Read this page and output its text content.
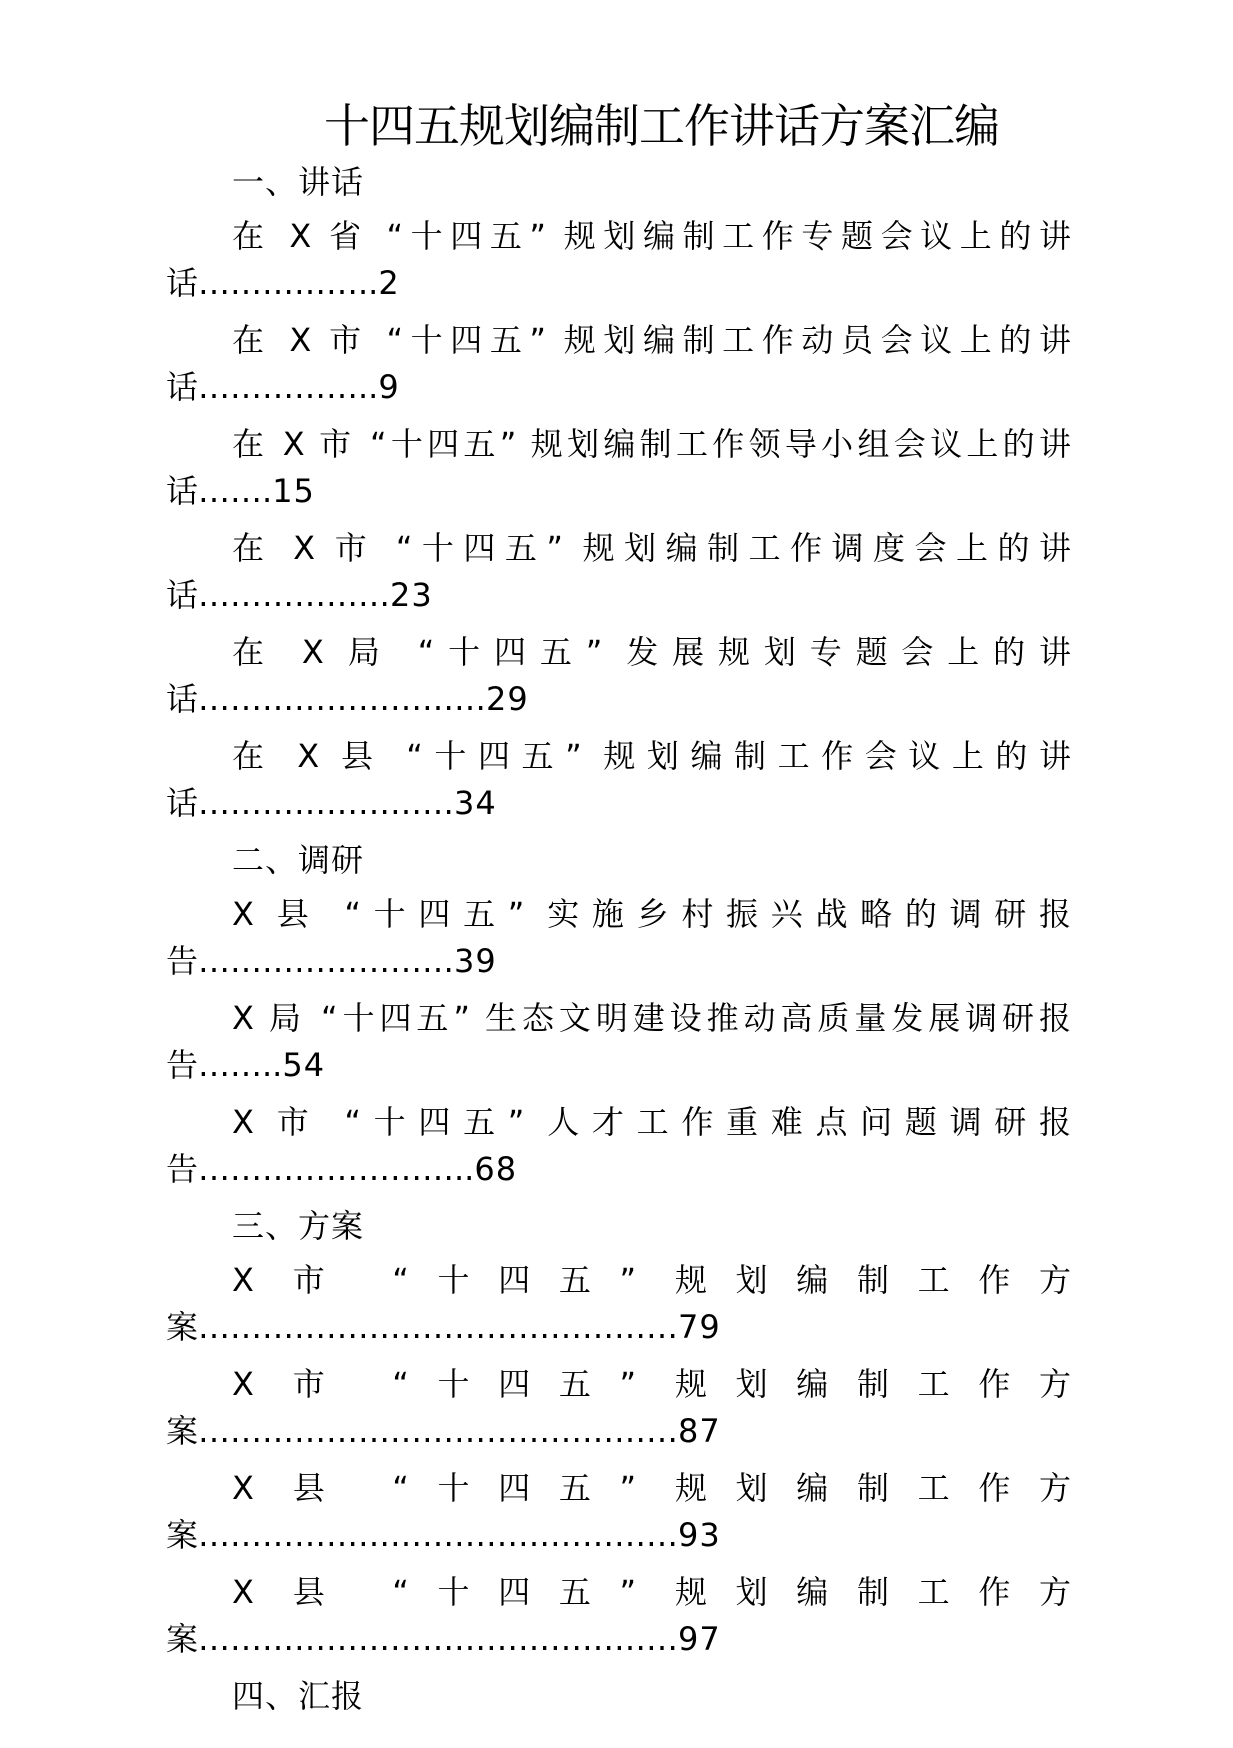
十四五规划编制工作讲话方案汇编
一、讲话
在 X 省 “十四五” 规划编制工作专题会议上的讲
话……………..2
在 X 市 “十四五” 规划编制工作动员会议上的讲
话……………..9
在 X 市 “十四五” 规划编制工作领导小组会议上的讲
话…….15
在 X 市 “十四五” 规划编制工作调度会上的讲
话………………23
在 X 局 “十四五” 发展规划专题会上的讲
话………………………29
在 X 县 “十四五” 规划编制工作会议上的讲
话……………………34
二、调研
X 县 “十四五” 实施乡村振兴战略的调研报
告……………………39
X 局 “十四五” 生态文明建设推动高质量发展调研报
告……..54
X 市 “十四五” 人才工作重难点问题调研报
告……………………..68
三、方案
X 市 “十四五” 规划编制工作方
案………………………………………79
X 市 “十四五” 规划编制工作方
案………………………………………87
X 县 “十四五” 规划编制工作方
案………………………………………93
X 县 “十四五” 规划编制工作方
案………………………………………97
四、汇报
